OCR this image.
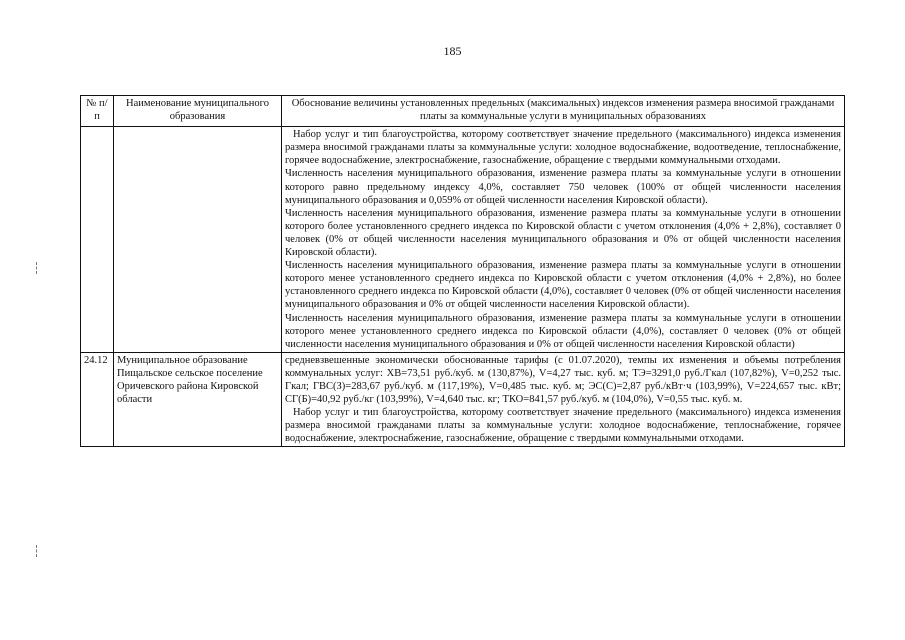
185
№ п/п	Наименование муниципального образования	Обоснование величины установленных предельных (максимальных) индексов изменения размера вносимой гражданами платы за коммунальные услуги в муниципальных образованиях

		Набор услуг и тип благоустройства, которому соответствует значение предельного (максимального) индекса изменения размера вносимой гражданами платы за коммунальные услуги: холодное водоснабжение, водоотведение, теплоснабжение, горячее водоснабжение, электроснабжение, газоснабжение, обращение с твердыми коммунальными отходами.
Численность населения муниципального образования, изменение размера платы за коммунальные услуги в отношении которого равно предельному индексу 4,0%, составляет 750 человек (100% от общей численности населения муниципального образования и 0,059% от общей численности населения Кировской области).
Численность населения муниципального образования, изменение размера платы за коммунальные услуги в отношении которого более установленного среднего индекса по Кировской области с учетом отклонения (4,0% + 2,8%), составляет 0 человек (0% от общей численности населения муниципального образования и 0% от общей численности населения Кировской области).
Численность населения муниципального образования, изменение размера платы за коммунальные услуги в отношении которого менее установленного среднего индекса по Кировской области с учетом отклонения (4,0% + 2,8%), но более установленного среднего индекса по Кировской области (4,0%), составляет 0 человек (0% от общей численности населения муниципального образования и 0% от общей численности населения Кировской области).
Численность населения муниципального образования, изменение размера платы за коммунальные услуги в отношении которого менее установленного среднего индекса по Кировской области (4,0%), составляет 0 человек (0% от общей численности населения муниципального образования и 0% от общей численности населения Кировской области)

24.12	Муниципальное образование Пищальское сельское поселение Оричевского района Кировской области	средневзвешенные экономически обоснованные тарифы (с 01.07.2020), темпы их изменения и объемы потребления коммунальных услуг: ХВ=73,51 руб./куб. м (130,87%), V=4,27 тыс. куб. м; ТЭ=3291,0 руб./Гкал (107,82%), V=0,252 тыс. Гкал; ГВС(З)=283,67 руб./куб. м (117,19%), V=0,485 тыс. куб. м; ЭС(С)=2,87 руб./кВт·ч (103,99%), V=224,657 тыс. кВт; СГ(Б)=40,92 руб./кг (103,99%), V=4,640 тыс. кг; ТКО=841,57 руб./куб. м (104,0%), V=0,55 тыс. куб. м.
Набор услуг и тип благоустройства, которому соответствует значение предельного (максимального) индекса изменения размера вносимой гражданами платы за коммунальные услуги: холодное водоснабжение, теплоснабжение, горячее водоснабжение, электроснабжение, газоснабжение, обращение с твердыми коммунальными отходами.
